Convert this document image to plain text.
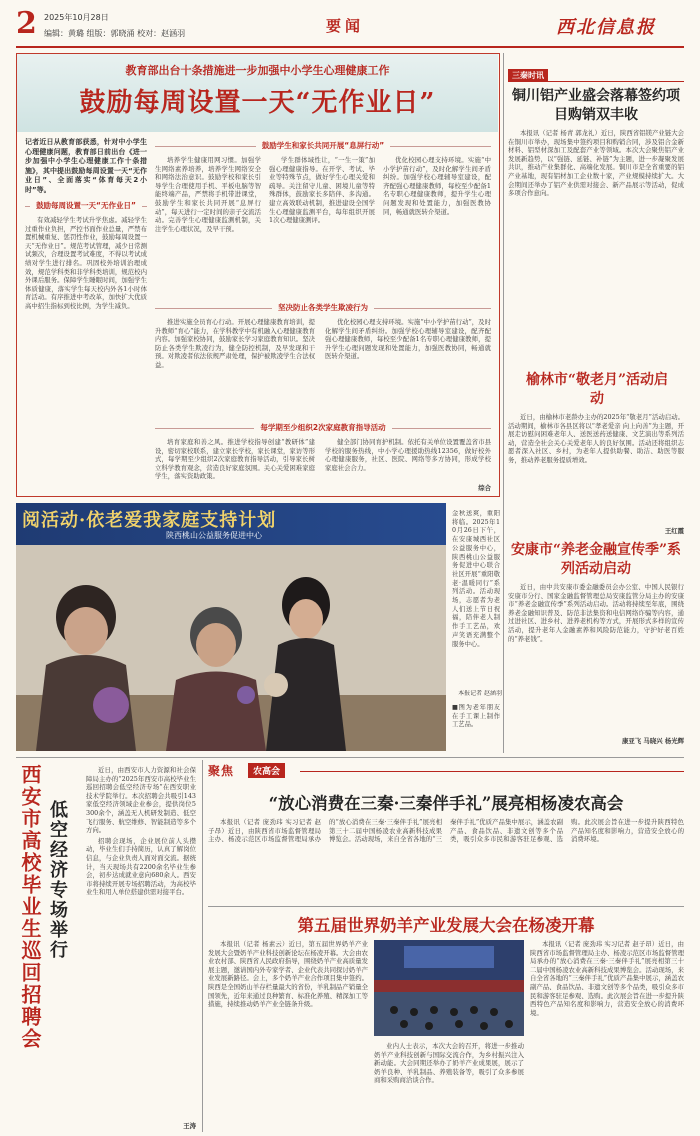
2 2025年10月28日
编辑：黄璐 组版：郭晓涌 校对：赵涵羽	要闻	西北信息报
教育部出台十条措施进一步加强中小学生心理健康工作
鼓励每周设置一天“无作业日”
记者近日从教育部获悉，针对中小学生心理健康问题，教育部日前出台《进一步加强中小学生心理健康工作十条措施》，其中提出鼓励每周设置一天“无作业日”、全面落实“体育每天2小时”等。
鼓励每周设置一天“无作业日”

有效减轻学生考试升学焦虑。减轻学生过重作业负担，严控书面作业总量，严禁布置机械重复、惩罚性作业，鼓励每周设置一天“无作业日”。规范考试管理，减少日常测试频次，合理设置考试难度，不得以考试成绩对学生进行排名。巩固校外培训治理成效，规范学科类和非学科类培训，规范校内外课后服务。保障学生睡眠时间，加强学生体质健康，落实学生每天校内外各1小时体育活动。有序推进中考改革，加快扩大优质高中招生指标到校比例，为学生减负。

鼓励学生和家长共同开展“息屏行动”

培养学生健康用网习惯。加强学生网络素养培养，培养学生网络安全和网络法治意识。鼓励学校和家长引导学生合理使用手机、平板电脑等智能终端产品，严禁将手机带进课堂，鼓励学生和家长共同开展“息屏行动”，每天进行一定时间的亲子交流活动。完善学生心理健康监测机制，关注学生心理状况，及早干预。

学生群体域性让，“一生一策”加强心理健康指导。在开学、考试、毕业等特殊节点，做好学生心理关爱和疏导。关注留守儿童、困境儿童等特殊群体，鼓励家长多陪伴、多沟通。建立高效联动机制，推进建设全国学生心理健康监测平台，每年组织开展1次心理健康测评。

优化校园心理支持环境。实施“中小学护苗行动”，及时化解学生间矛盾纠纷。加强学校心理辅导室建设，配齐配强心理健康教师，每校至少配备1名专职心理健康教师，提升学生心理问题发现和处置能力，加强医教协同，畅通就医转介渠道。

坚决防止各类学生欺凌行为

推进实施全员育心行动。开展心理健康教育培训，提升教师“育心”能力，在学科教学中有机融入心理健康教育内容。加强家校协同，鼓励家长学习家庭教育知识。坚决防止各类学生欺凌行为，健全防控机制，及早发现和干预。对欺凌者依法依规严肃处理，保护被欺凌学生合法权益。

优化校园心理支持环境。实施“中小学护苗行动”，及时化解学生间矛盾纠纷。加强学校心理辅导室建设，配齐配强心理健康教师，每校至少配备1名专职心理健康教师，提升学生心理问题发现和处置能力，加强医教协同，畅通就医转介渠道。

每学期至少组织2次家庭教育指导活动

培育家庭和善之风。推进学校指导创建“教研体”建设，密切家校联系，建立家长学校，家长课堂，家访等形式，每学期至少组织2次家庭教育指导活动，引导家长树立科学教育观念，营造良好家庭氛围。关心关爱困难家庭学生，落实资助政策。

健全部门协同育护机制。依托有关单位设置覆盖省市县学校的服务热线，中小学心理援助热线12356，做好校外心理健康服务，社区、医院、网络等多方协同，形成学校家庭社会合力。

综合
三秦时讯
铜川铝产业盛会落幕签约项目购销双丰收

本报讯（记者 杨青 郭龙礼）近日，陕西省铝镁产业链大会在铜川市举办，现场集中签约项目和购销合同，涉及铝合金新材料、铝型材深加工及配套产业等领域。本次大会聚焦铝产业发展新趋势，以“强链、延链、补链”为主题，进一步凝聚发展共识，推动产业集群化、高端化发展。铜川市是全省重要的铝产业基地，现有铝材加工企业数十家，产业规模持续扩大。大会期间还举办了铝产业供需对接会、新产品展示等活动，促成多项合作意向。

榆林市“敬老月”活动启动

近日，由榆林市老龄办主办的2025年“敬老月”活动启动。活动期间，榆林市各县区将以“孝老爱亲 向上向善”为主题，开展走访慰问困难老年人、送医送药送健康、文艺演出等系列活动，营造全社会关心关爱老年人的良好氛围。活动还将组织志愿者深入社区、乡村，为老年人提供助餐、助洁、助医等服务，推动养老服务提质增效。

王红霞
安康市“养老金融宣传季”系列活动启动

近日，由中共安康市委金融委员会办公室、中国人民银行安康市分行、国家金融监督管理总局安康监管分局主办的安康市“养老金融宣传季”系列活动启动。活动将持续至年底，围绕养老金融知识普及、防范非法集资和电信网络诈骗等内容，通过进社区、进乡村、进养老机构等方式，开展形式多样的宣传活动，提升老年人金融素养和风险防范能力，守护好老百姓的“养老钱”。

康亚飞 马晓兴 杨光辉
阅活动·依老爱我家庭支持计划
陕西桃山公益服务促进中心
金秋送爽，重阳将临。2025年10月26日下午，在安康城西社区公益服务中心，陕西桃山公益服务促进中心联合社区开展“重阳敬老·温暖同行”系列活动。活动现场，志愿者为老人们送上节日祝福，陪伴老人制作手工艺品，欢声笑语充满整个服务中心。
本报记者 赵涵羽
■图为老年朋友在手工课上制作工艺品。
西安市高校毕业生巡回招聘会 低空经济专场举行

近日，由西安市人力资源和社会保障局主办的“2025年西安市高校毕业生巡回招聘会低空经济专场”在西安职业技术学院举行。本次招聘会共吸引143家低空经济领域企业参会，提供岗位5300余个，涵盖无人机研发制造、低空飞行服务、航空维修、智能制造等多个方向。

招聘会现场，企业展位前人头攒动，毕业生们手持简历，认真了解岗位信息，与企业负责人面对面交流。据统计，当天现场共有2200余名毕业生参会，初步达成就业意向680余人。西安市将持续开展专场招聘活动，为高校毕业生和用人单位搭建供需对接平台。

王涛
聚焦	农高会
“放心消费在三秦·三秦伴手礼”展亮相杨凌农高会

本报讯（记者 庞劲玮 实习记者 赵子昂）近日，由陕西省市场监督管理局主办、杨凌示范区市场监督管理局承办的“放心消费在三秦·三秦伴手礼”展亮相第三十二届中国杨凌农业高新科技成果博览会。活动现场，来自全省各地的“三秦伴手礼”优质产品集中展示，涵盖农副产品、食品饮品、非遗文创等多个品类，吸引众多市民和游客驻足参观、选购。此次展会旨在进一步提升陕西特色产品知名度和影响力，营造安全放心的消费环境。

第五届世界奶羊产业发展大会在杨凌开幕

本报讯（记者 杨素云）近日，第五届世界奶羊产业发展大会暨奶羊产业科技创新论坛在杨凌开幕。大会由农业农村部、陕西省人民政府指导，围绕奶羊产业高质量发展主题，邀请国内外专家学者、企业代表共同探讨奶羊产业发展新路径。会上，多个奶羊产业合作项目集中签约。陕西是全国奶山羊存栏量最大的省份，羊乳制品产销量全国领先，近年来通过良种繁育、标准化养殖、精深加工等措施，持续推动奶羊产业全链条升级。

业内人士表示，本次大会的召开，将进一步推动奶羊产业科技创新与国际交流合作，为乡村振兴注入新动能。大会同期还举办了奶羊产业成果展，展示了奶羊良种、羊乳制品、养殖装备等，吸引了众多参展商和采购商洽谈合作。

本报讯（记者 庞劲玮 实习记者 赵子昂）近日，由陕西省市场监督管理局主办、杨凌示范区市场监督管理局承办的“放心消费在三秦·三秦伴手礼”展亮相第三十二届中国杨凌农业高新科技成果博览会。活动现场，来自全省各地的“三秦伴手礼”优质产品集中展示，涵盖农副产品、食品饮品、非遗文创等多个品类，吸引众多市民和游客驻足参观、选购。此次展会旨在进一步提升陕西特色产品知名度和影响力，营造安全放心的消费环境。
